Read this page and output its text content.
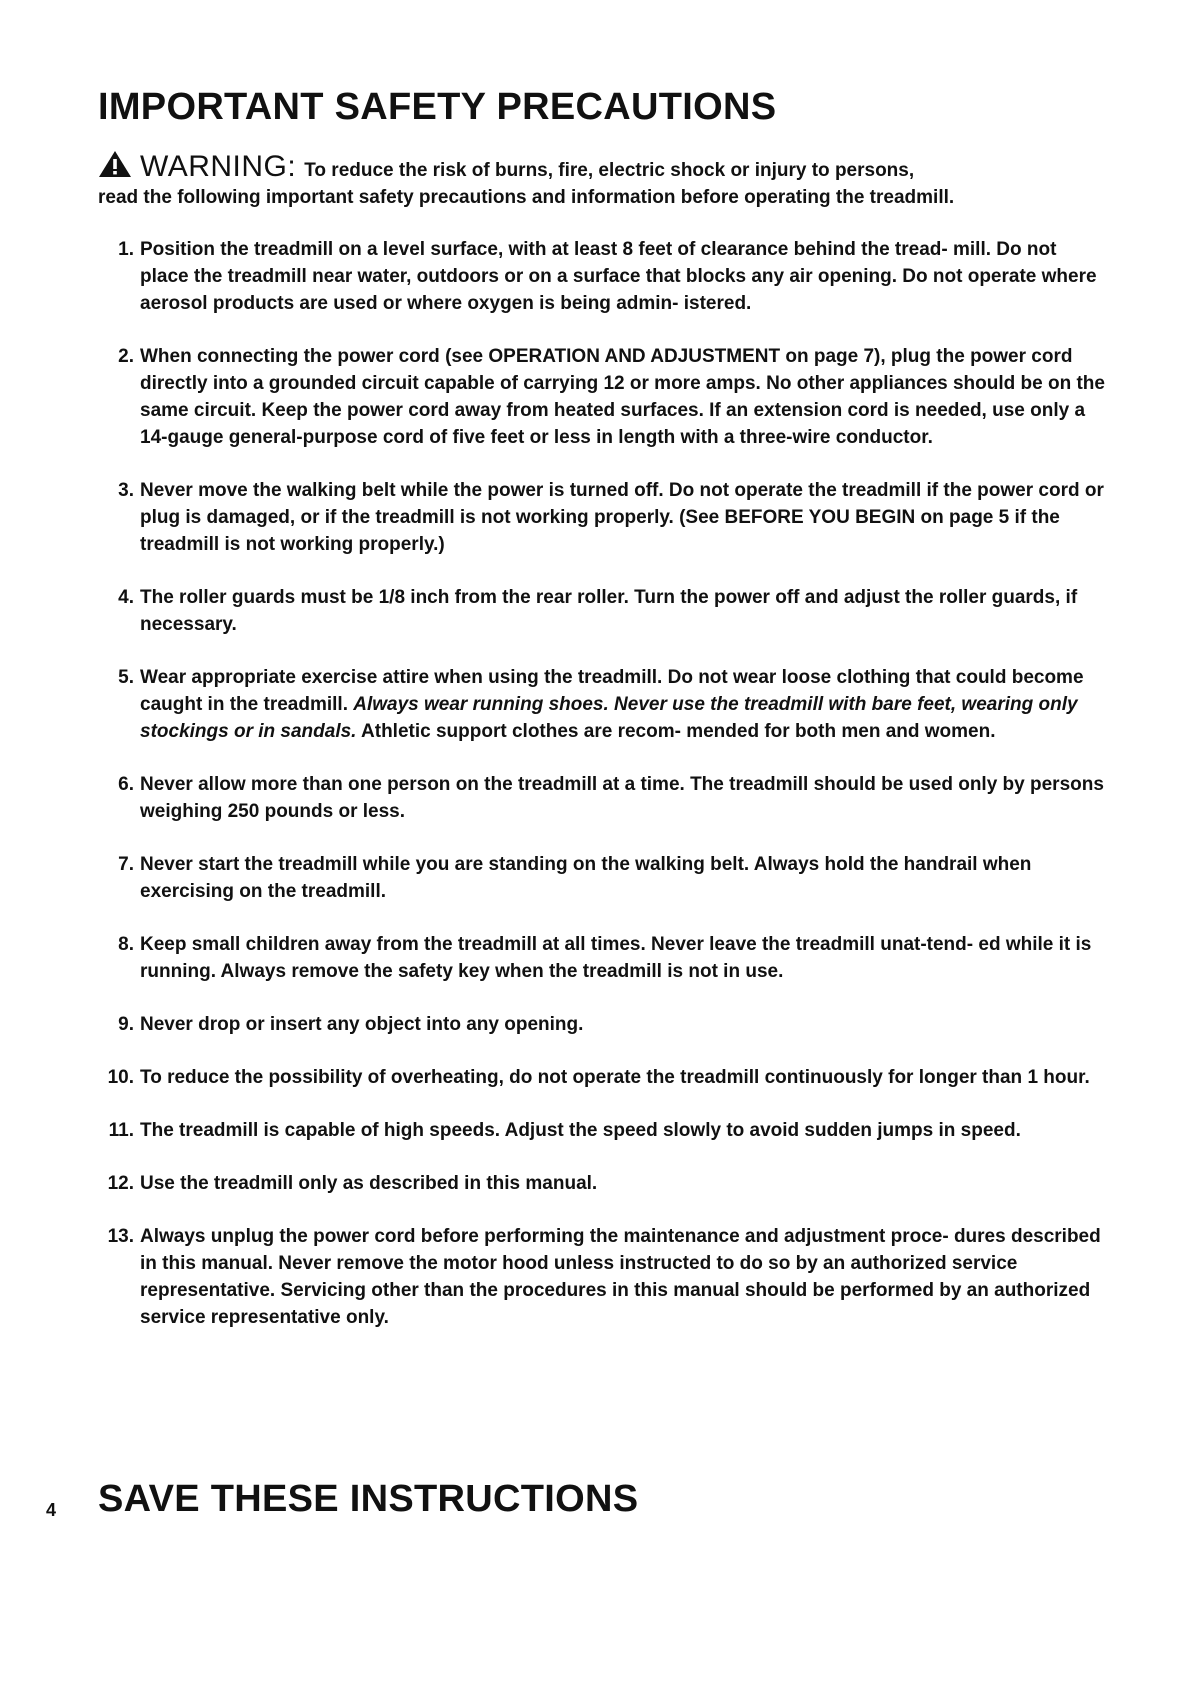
IMPORTANT SAFETY PRECAUTIONS
WARNING: To reduce the risk of burns, fire, electric shock or injury to persons,
read the following important safety precautions and information before operating the treadmill.
1. Position the treadmill on a level surface, with at least 8 feet of clearance behind the tread- mill. Do not place the treadmill near water, outdoors or on a surface that blocks any air opening. Do not operate where aerosol products are used or where oxygen is being admin- istered.
2. When connecting the power cord (see OPERATION AND ADJUSTMENT on page 7), plug the power cord directly into a grounded circuit capable of carrying 12 or more amps. No other appliances should be on the same circuit. Keep the power cord away from heated surfaces. If an extension cord is needed, use only a 14-gauge general-purpose cord of five feet or less in length with a three-wire conductor.
3. Never move the walking belt while the power is turned off. Do not operate the treadmill if the power cord or plug is damaged, or if the treadmill is not working properly. (See BEFORE YOU BEGIN on page 5 if the treadmill is not working properly.)
4. The roller guards must be 1/8 inch from the rear roller. Turn the power off and adjust the roller guards, if necessary.
5. Wear appropriate exercise attire when using the treadmill. Do not wear loose clothing that could become caught in the treadmill. Always wear running shoes. Never use the treadmill with bare feet, wearing only stockings or in sandals. Athletic support clothes are recom- mended for both men and women.
6. Never allow more than one person on the treadmill at a time. The treadmill should be used only by persons weighing 250 pounds or less.
7. Never start the treadmill while you are standing on the walking belt. Always hold the handrail when exercising on the treadmill.
8. Keep small children away from the treadmill at all times. Never leave the treadmill unat-tend- ed while it is running. Always remove the safety key when the treadmill is not in use.
9. Never drop or insert any object into any opening.
10. To reduce the possibility of overheating, do not operate the treadmill continuously for longer than 1 hour.
11. The treadmill is capable of high speeds. Adjust the speed slowly to avoid sudden jumps in speed.
12. Use the treadmill only as described in this manual.
13. Always unplug the power cord before performing the maintenance and adjustment proce- dures described in this manual. Never remove the motor hood unless instructed to do so by an authorized service representative. Servicing other than the procedures in this manual should be performed by an authorized service representative only.
4 SAVE THESE INSTRUCTIONS
